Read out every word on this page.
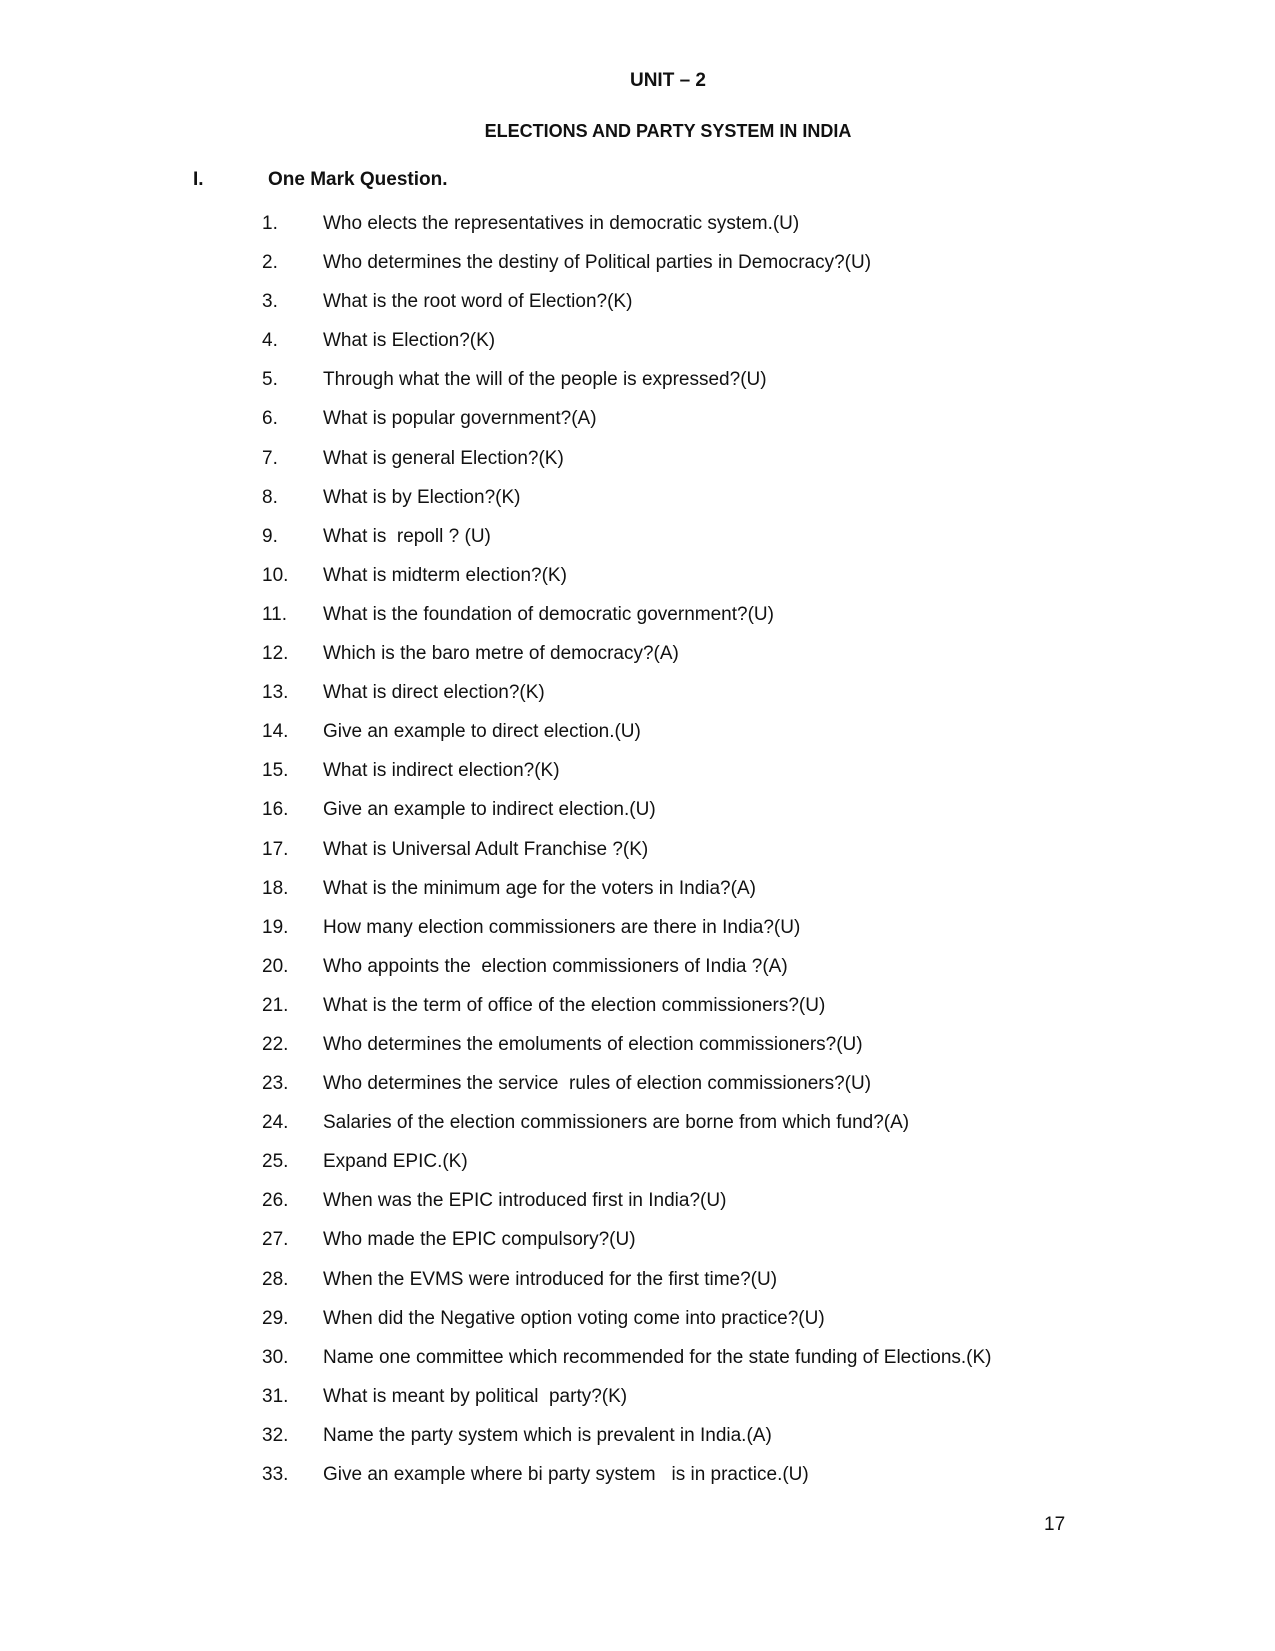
UNIT – 2
ELECTIONS AND PARTY SYSTEM IN INDIA
I.	One Mark Question.
1. Who elects the representatives in democratic system.(U)
2. Who determines the destiny of Political parties in Democracy?(U)
3. What is the root word of Election?(K)
4. What is Election?(K)
5. Through what the will of the people is expressed?(U)
6. What is popular government?(A)
7. What is general Election?(K)
8. What is by Election?(K)
9. What is  repoll ? (U)
10. What is midterm election?(K)
11. What is the foundation of democratic government?(U)
12. Which is the baro metre of democracy?(A)
13. What is direct election?(K)
14. Give an example to direct election.(U)
15. What is indirect election?(K)
16. Give an example to indirect election.(U)
17. What is Universal Adult Franchise ?(K)
18. What is the minimum age for the voters in India?(A)
19. How many election commissioners are there in India?(U)
20. Who appoints the  election commissioners of India ?(A)
21. What is the term of office of the election commissioners?(U)
22. Who determines the emoluments of election commissioners?(U)
23. Who determines the service  rules of election commissioners?(U)
24. Salaries of the election commissioners are borne from which fund?(A)
25. Expand EPIC.(K)
26. When was the EPIC introduced first in India?(U)
27. Who made the EPIC compulsory?(U)
28. When the EVMS were introduced for the first time?(U)
29. When did the Negative option voting come into practice?(U)
30. Name one committee which recommended for the state funding of Elections.(K)
31. What is meant by political  party?(K)
32. Name the party system which is prevalent in India.(A)
33. Give an example where bi party system   is in practice.(U)
17
